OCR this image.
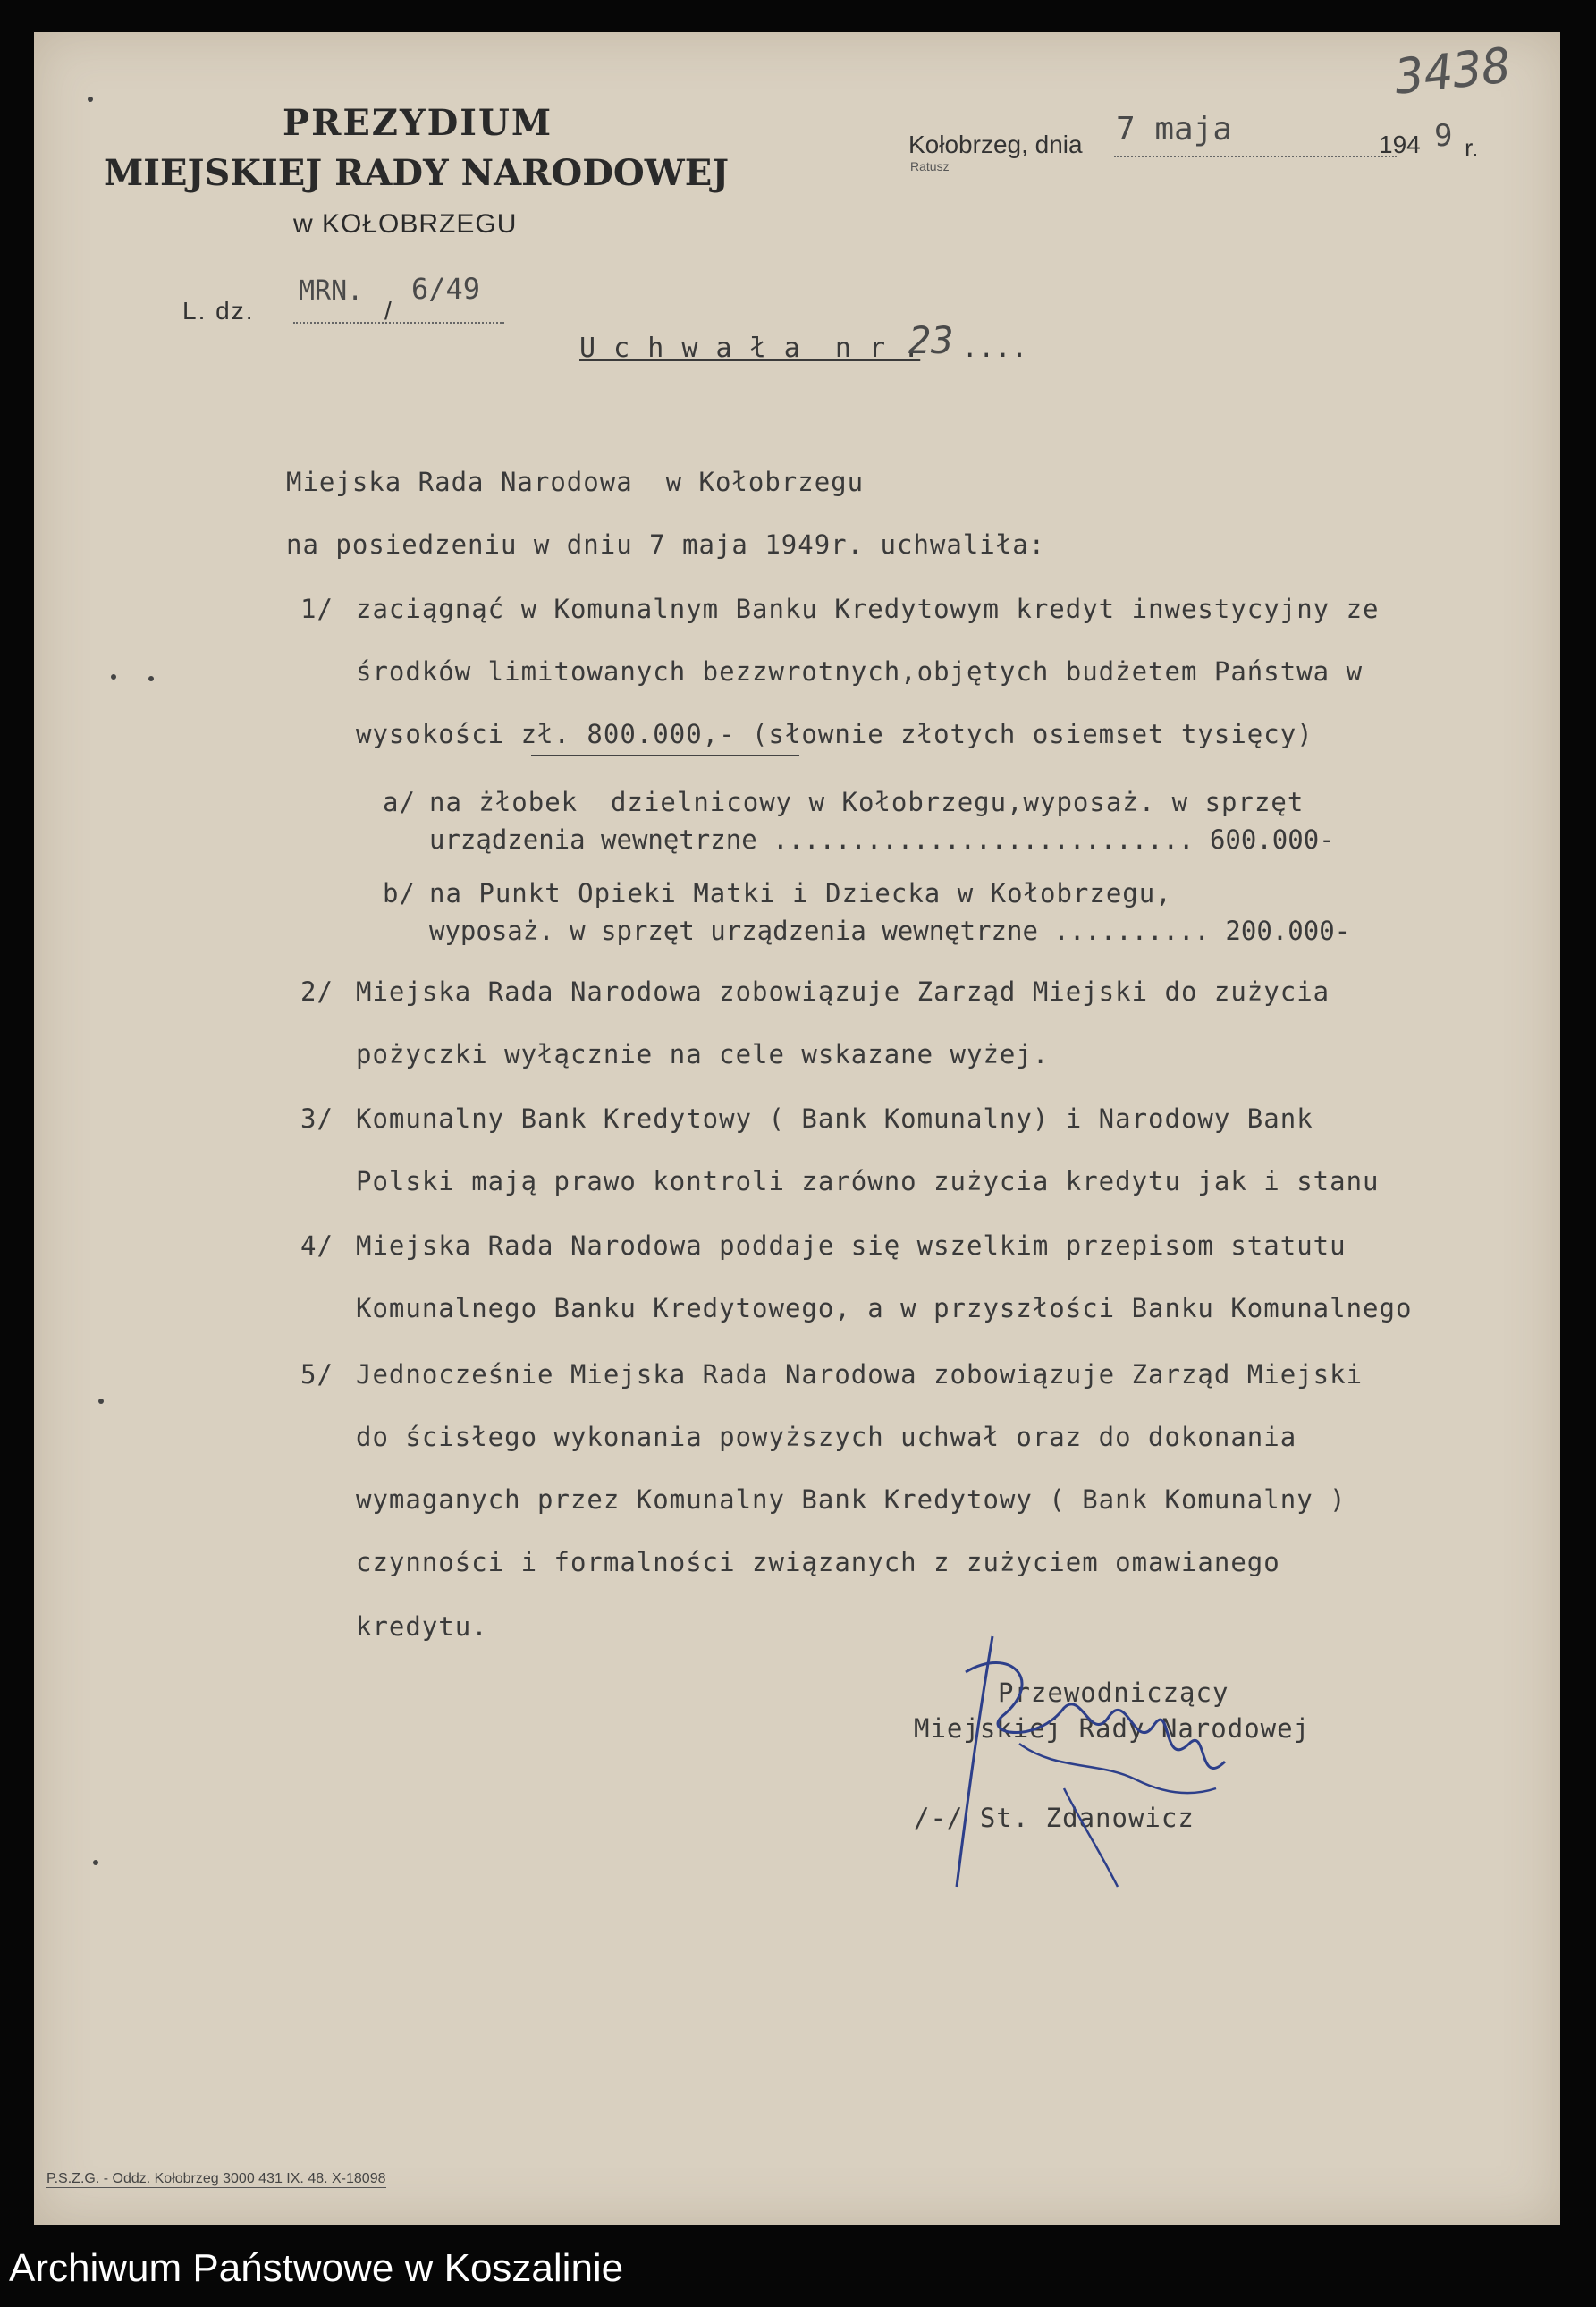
PREZYDIUM
MIEJSKIEJ RADY NARODOWEJ
w KOŁOBRZEGU
3438
Kołobrzeg, dnia 7 maja	194 9 r.
Ratusz
L. dz.
MRN.
/
6/49
U c h w a ł a  n r .
23 ....
Miejska Rada Narodowa  w Kołobrzegu
na posiedzeniu w dniu 7 maja 1949r. uchwaliła:
1/ zaciągnąć w Komunalnym Banku Kredytowym kredyt inwestycyjny ze
środków limitowanych bezzwrotnych,objętych budżetem Państwa w
wysokości zł. 800.000,- (słownie złotych osiemset tysięcy)
a/ na żłobek  dzielnicowy w Kołobrzegu,wyposaż. w sprzęt
urządzenia wewnętrzne ........................... 600.000-
b/ na Punkt Opieki Matki i Dziecka w Kołobrzegu,
wyposaż. w sprzęt urządzenia wewnętrzne .......... 200.000-
2/ Miejska Rada Narodowa zobowiązuje Zarząd Miejski do zużycia
pożyczki wyłącznie na cele wskazane wyżej.
3/ Komunalny Bank Kredytowy ( Bank Komunalny) i Narodowy Bank
Polski mają prawo kontroli zarówno zużycia kredytu jak i stanu
4/ Miejska Rada Narodowa poddaje się wszelkim przepisom statutu
Komunalnego Banku Kredytowego, a w przyszłości Banku Komunalnego
5/ Jednocześnie Miejska Rada Narodowa zobowiązuje Zarząd Miejski
do ścisłego wykonania powyższych uchwał oraz do dokonania
wymaganych przez Komunalny Bank Kredytowy ( Bank Komunalny )
czynności i formalności związanych z zużyciem omawianego
kredytu.
Przewodniczący
Miejskiej Rady Narodowej
/-/ St. Zdanowicz
P.S.Z.G. - Oddz. Kołobrzeg 3000 431 IX. 48. X-18098
Archiwum Państwowe w Koszalinie
